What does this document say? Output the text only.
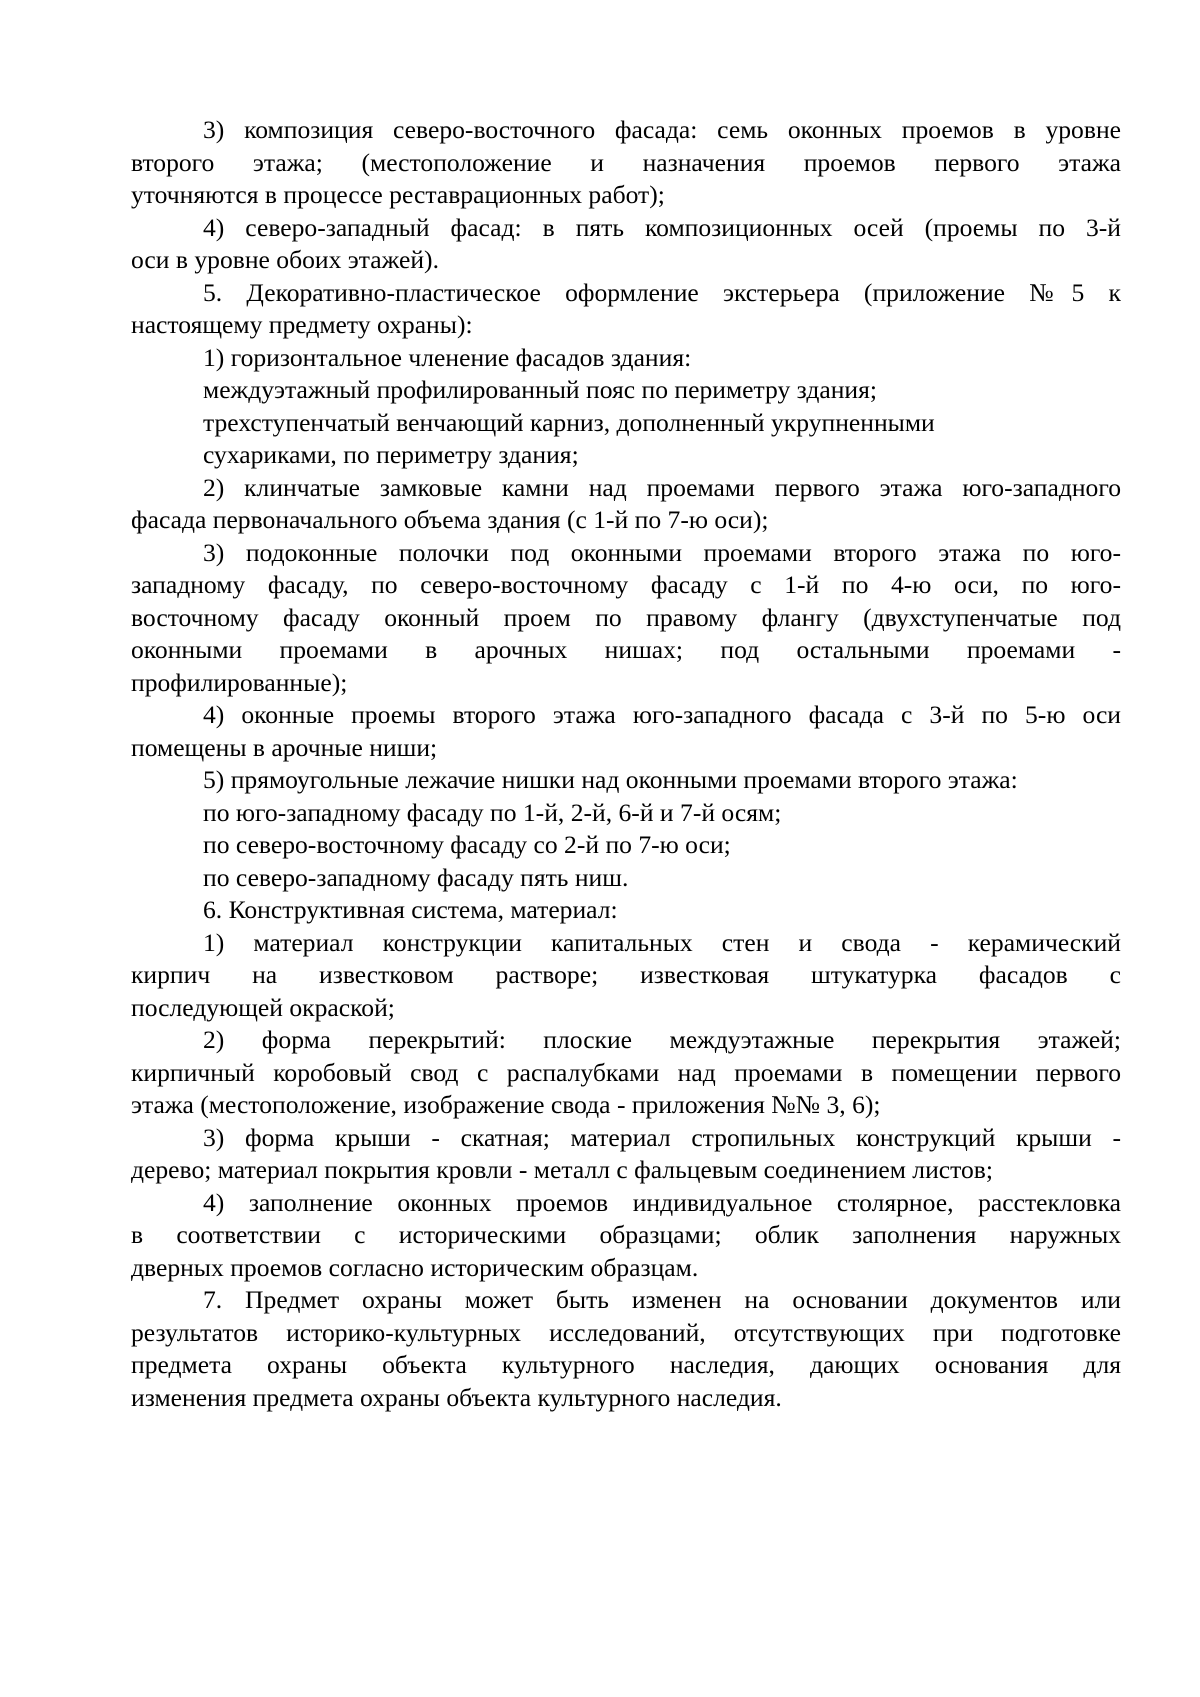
3) композиция северо-восточного фасада: семь оконных проемов в уровне
второго этажа; (местоположение и назначения проемов первого этажа
уточняются в процессе реставрационных работ);
4) северо-западный фасад: в пять композиционных осей (проемы по 3-й
оси в уровне обоих этажей).
5. Декоративно-пластическое оформление экстерьера (приложение №5 к
настоящему предмету охраны):
1) горизонтальное членение фасадов здания:
междуэтажный профилированный пояс по периметру здания;
трехступенчатый венчающий карниз, дополненный укрупненными
сухариками, по периметру здания;
2) клинчатые замковые камни над проемами первого этажа юго-западного
фасада первоначального объема здания (с 1-й по 7-ю оси);
3) подоконные полочки под оконными проемами второго этажа по юго-
западному фасаду, по северо-восточному фасаду с 1-й по 4-ю оси, по юго-
восточному фасаду оконный проем по правому флангу (двухступенчатые под
оконными проемами в арочных нишах; под остальными проемами -
профилированные);
4) оконные проемы второго этажа юго-западного фасада с 3-й по 5-ю оси
помещены в арочные ниши;
5) прямоугольные лежачие нишки над оконными проемами второго этажа:
по юго-западному фасаду по 1-й, 2-й, 6-й и 7-й осям;
по северо-восточному фасаду со 2-й по 7-ю оси;
по северо-западному фасаду пять ниш.
6. Конструктивная система, материал:
1) материал конструкции капитальных стен и свода - керамический
кирпич на известковом растворе; известковая штукатурка фасадов с
последующей окраской;
2) форма перекрытий: плоские междуэтажные перекрытия этажей;
кирпичный коробовый свод с распалубками над проемами в помещении первого
этажа (местоположение, изображение свода - приложения №№ 3, 6);
3) форма крыши - скатная; материал стропильных конструкций крыши -
дерево; материал покрытия кровли - металл с фальцевым соединением листов;
4) заполнение оконных проемов индивидуальное столярное, расстекловка
в соответствии с историческими образцами; облик заполнения наружных
дверных проемов согласно историческим образцам.
7. Предмет охраны может быть изменен на основании документов или
результатов историко-культурных исследований, отсутствующих при подготовке
предмета охраны объекта культурного наследия, дающих основания для
изменения предмета охраны объекта культурного наследия.
